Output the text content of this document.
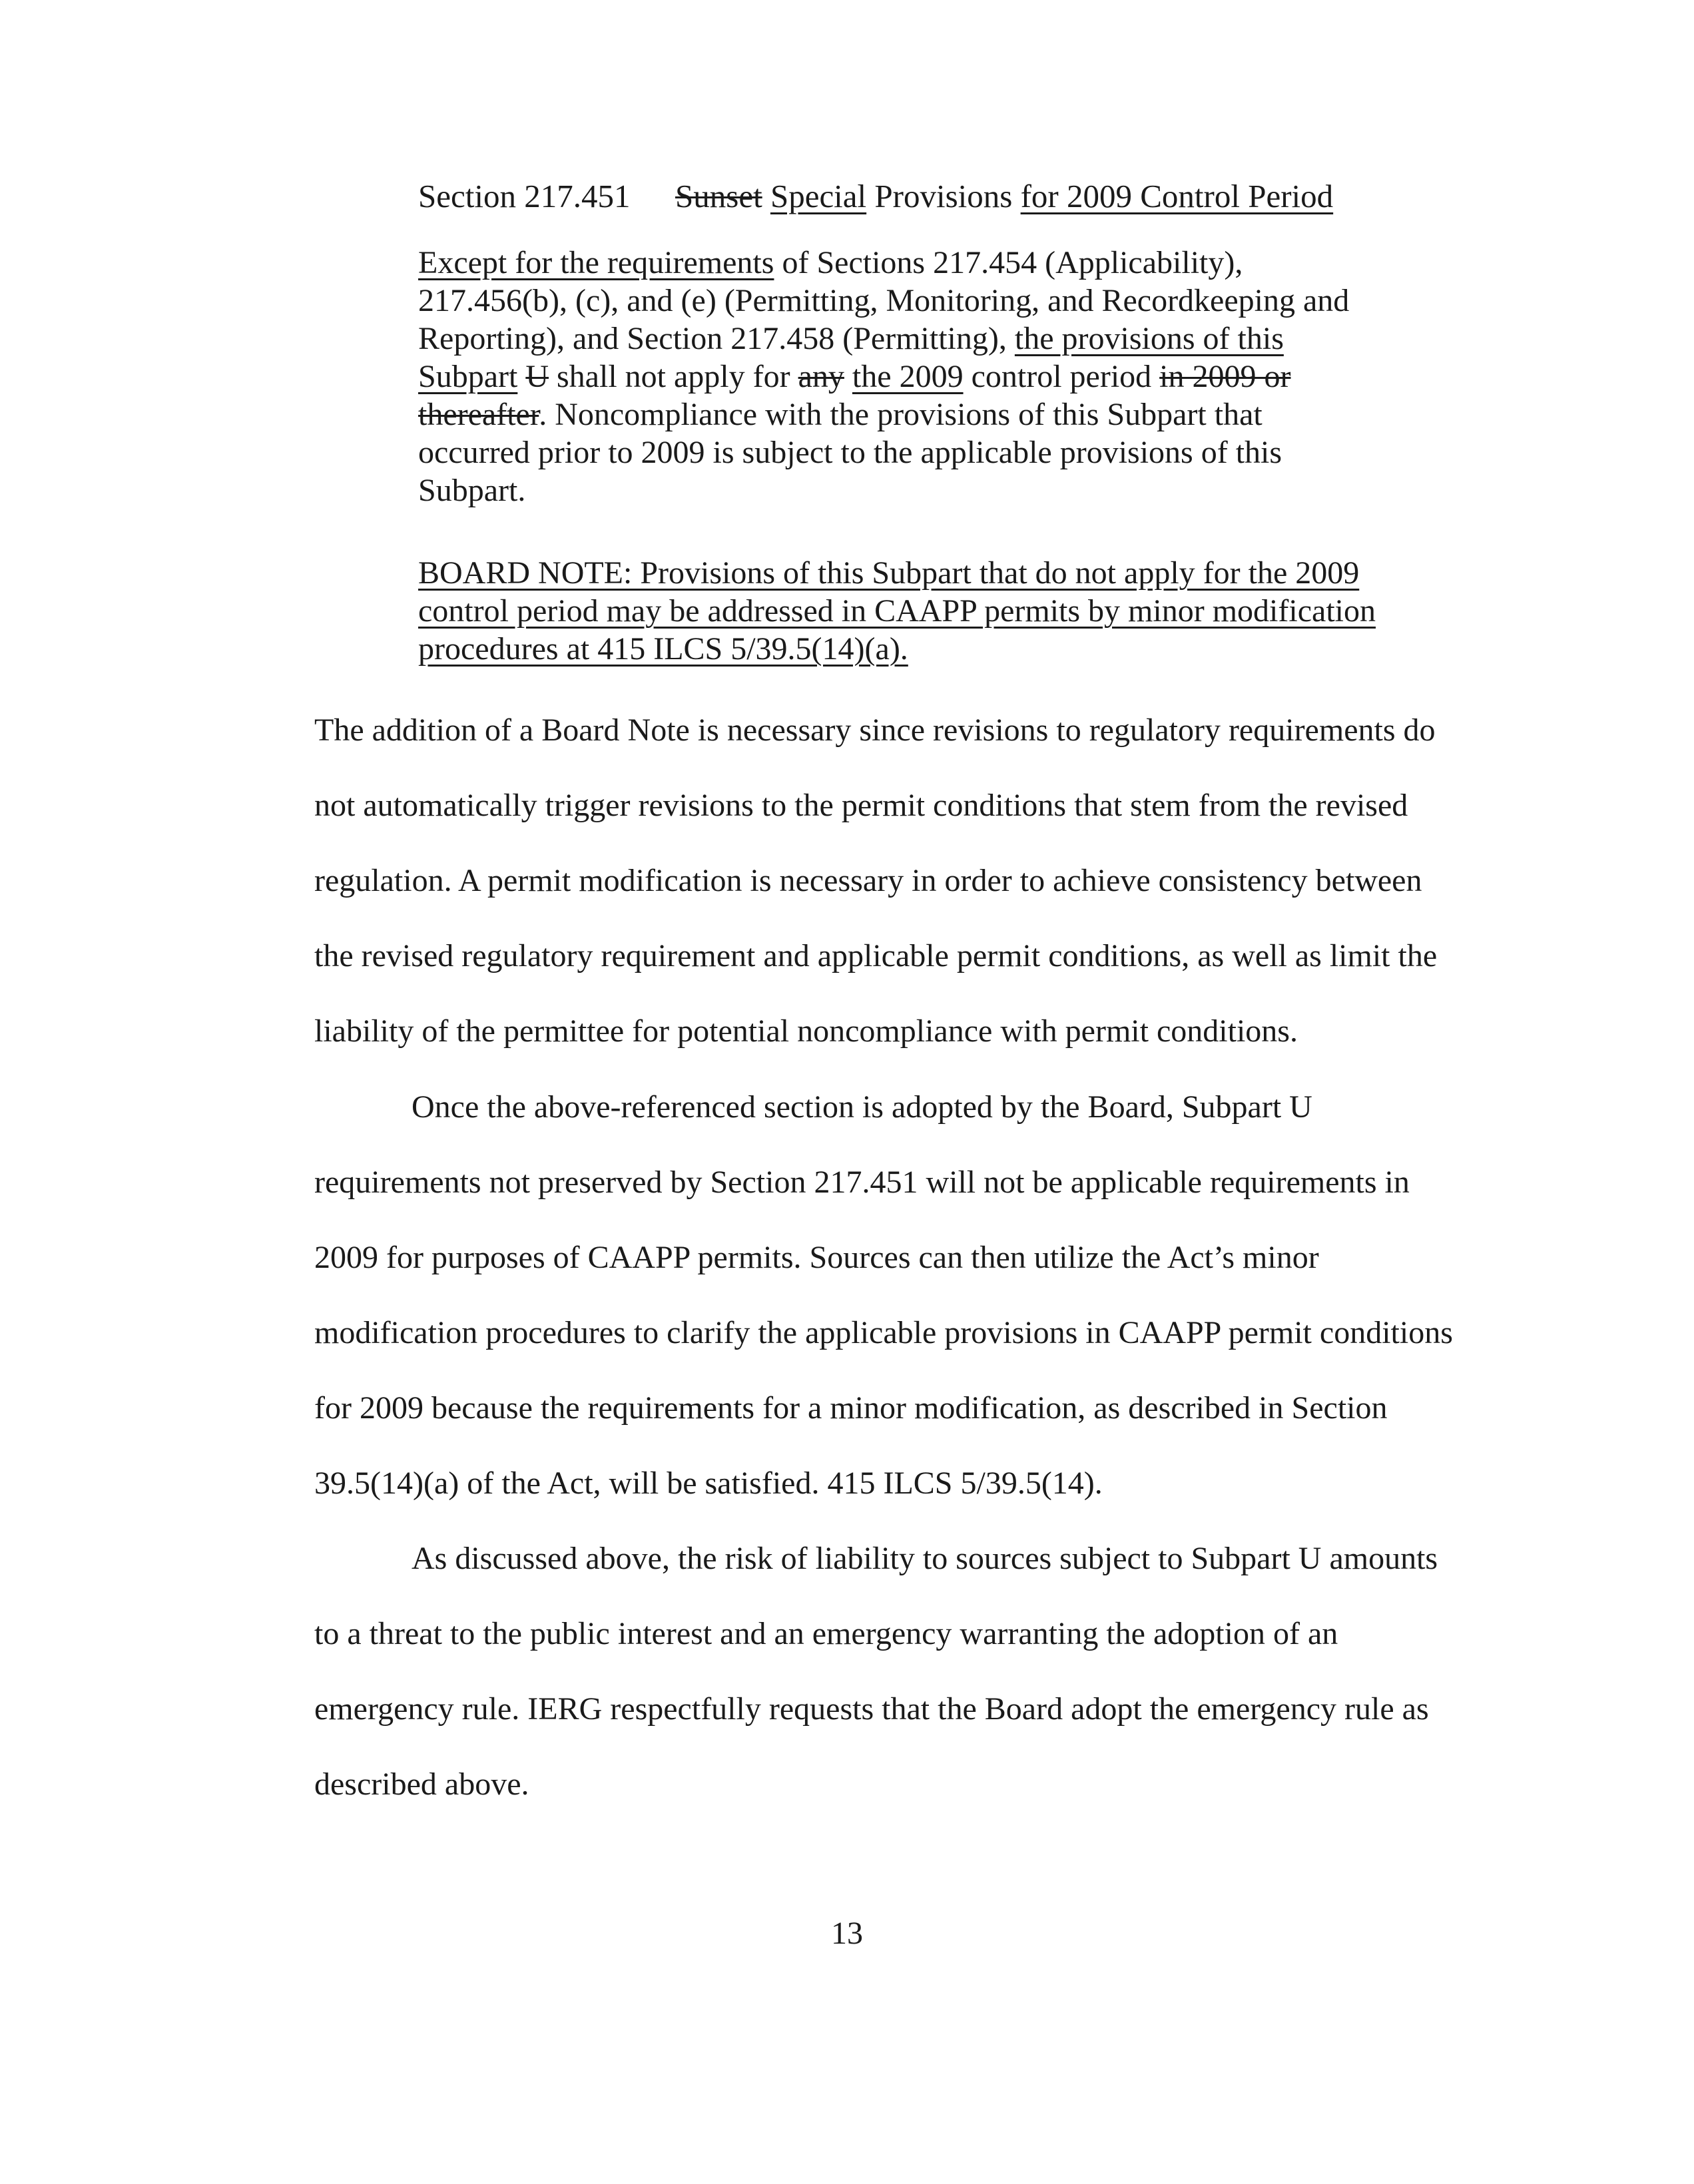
Section 217.451 Sunset Special Provisions for 2009 Control Period
Except for the requirements of Sections 217.454 (Applicability),
217.456(b), (c), and (e) (Permitting, Monitoring, and Recordkeeping and
Reporting), and Section 217.458 (Permitting), the provisions of this
Subpart U shall not apply for any the 2009 control period in 2009 or
thereafter. Noncompliance with the provisions of this Subpart that
occurred prior to 2009 is subject to the applicable provisions of this
Subpart.
BOARD NOTE: Provisions of this Subpart that do not apply for the 2009
control period may be addressed in CAAPP permits by minor modification
procedures at 415 ILCS 5/39.5(14)(a).
The addition of a Board Note is necessary since revisions to regulatory requirements do
not automatically trigger revisions to the permit conditions that stem from the revised
regulation. A permit modification is necessary in order to achieve consistency between
the revised regulatory requirement and applicable permit conditions, as well as limit the
liability of the permittee for potential noncompliance with permit conditions.
Once the above-referenced section is adopted by the Board, Subpart U
requirements not preserved by Section 217.451 will not be applicable requirements in
2009 for purposes of CAAPP permits. Sources can then utilize the Act’s minor
modification procedures to clarify the applicable provisions in CAAPP permit conditions
for 2009 because the requirements for a minor modification, as described in Section
39.5(14)(a) of the Act, will be satisfied. 415 ILCS 5/39.5(14).
As discussed above, the risk of liability to sources subject to Subpart U amounts
to a threat to the public interest and an emergency warranting the adoption of an
emergency rule. IERG respectfully requests that the Board adopt the emergency rule as
described above.
13
